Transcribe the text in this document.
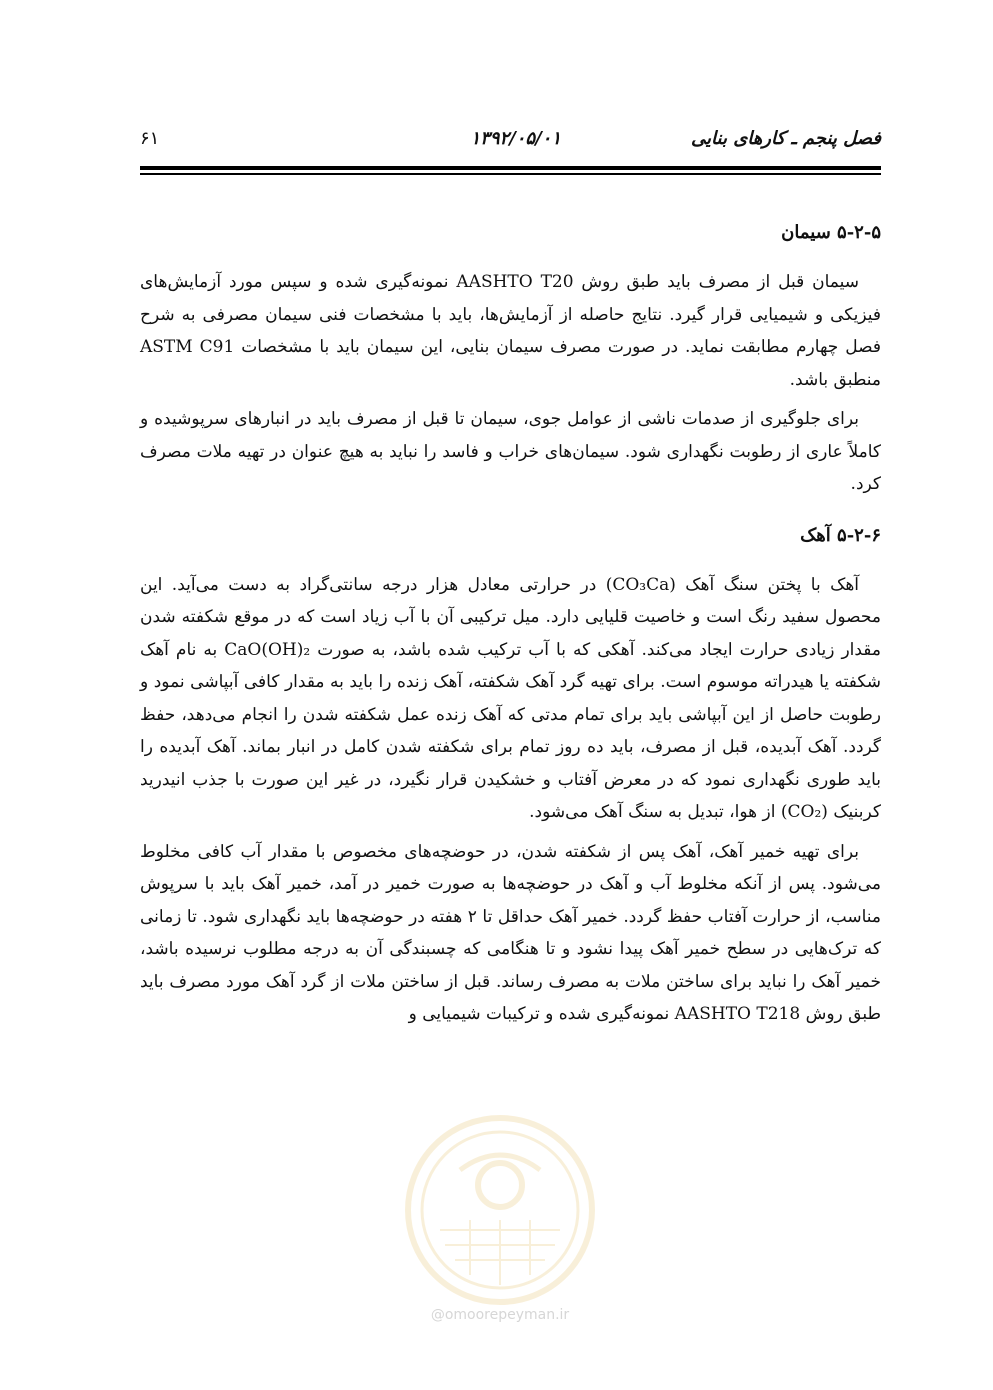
فصل پنجم ـ کارهای بنایی
۱۳۹۲/۰۵/۰۱
۶۱
۵-۲-۵ سیمان

سیمان قبل از مصرف باید طبق روش AASHTO T20 نمونه‌گیری شده و سپس مورد آزمایش‌های فیزیکی و شیمیایی قرار گیرد. نتایج حاصله از آزمایش‌ها، باید با مشخصات فنی سیمان مصرفی به شرح فصل چهارم مطابقت نماید. در صورت مصرف سیمان بنایی، این سیمان باید با مشخصات ASTM C91 منطبق باشد.

برای جلوگیری از صدمات ناشی از عوامل جوی، سیمان تا قبل از مصرف باید در انبارهای سرپوشیده و کاملاً عاری از رطوبت نگهداری شود. سیمان‌های خراب و فاسد را نباید به هیچ عنوان در تهیه ملات مصرف کرد.

۵-۲-۶ آهک

آهک با پختن سنگ آهک (CO₃Ca) در حرارتی معادل هزار درجه سانتی‌گراد به دست می‌آید. این محصول سفید رنگ است و خاصیت قلیایی دارد. میل ترکیبی آن با آب زیاد است که در موقع شکفته شدن مقدار زیادی حرارت ایجاد می‌کند. آهکی که با آب ترکیب شده باشد، به صورت CaO(OH)₂ به نام آهک شکفته یا هیدراته موسوم است. برای تهیه گرد آهک شکفته، آهک زنده را باید به مقدار کافی آبپاشی نمود و رطوبت حاصل از این آبپاشی باید برای تمام مدتی که آهک زنده عمل شکفته شدن را انجام می‌دهد، حفظ گردد. آهک آبدیده، قبل از مصرف، باید ده روز تمام برای شکفته شدن کامل در انبار بماند. آهک آبدیده را باید طوری نگهداری نمود که در معرض آفتاب و خشکیدن قرار نگیرد، در غیر این صورت با جذب انیدرید کربنیک (CO₂) از هوا، تبدیل به سنگ آهک می‌شود.

برای تهیه خمیر آهک، آهک پس از شکفته شدن، در حوضچه‌های مخصوص با مقدار آب کافی مخلوط می‌شود. پس از آنکه مخلوط آب و آهک در حوضچه‌ها به صورت خمیر در آمد، خمیر آهک باید با سرپوش مناسب، از حرارت آفتاب حفظ گردد. خمیر آهک حداقل تا ۲ هفته در حوضچه‌ها باید نگهداری شود. تا زمانی که ترک‌هایی در سطح خمیر آهک پیدا نشود و تا هنگامی که چسبندگی آن به درجه مطلوب نرسیده باشد، خمیر آهک را نباید برای ساختن ملات به مصرف رساند. قبل از ساختن ملات از گرد آهک مورد مصرف باید طبق روش AASHTO T218 نمونه‌گیری شده و ترکیبات شیمیایی و

@omoorepeyman.ir
